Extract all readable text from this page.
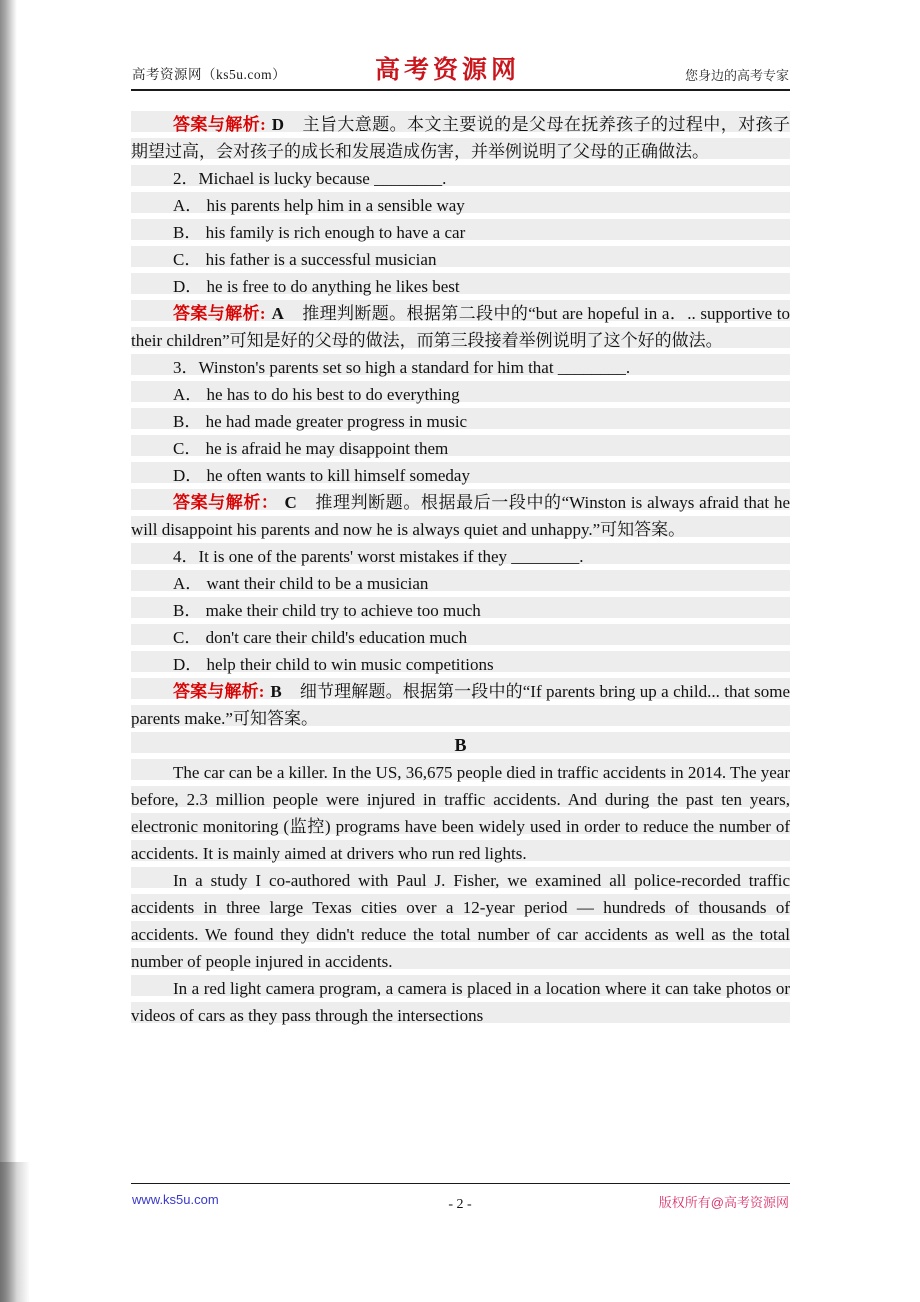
高考资源网（ks5u.com）	高考资源网	您身边的高考专家

答案与解析: D 主旨大意题。本文主要说的是父母在抚养孩子的过程中，对孩子期望过高，会对孩子的成长和发展造成伤害，并举例说明了父母的正确做法。

2．Michael is lucky because ________.

A． his parents help him in a sensible way

B． his family is rich enough to have a car

C． his father is a successful musician

D． he is free to do anything he likes best

答案与解析: A 推理判断题。根据第二段中的“but are hopeful in a．.. supportive to their children”可知是好的父母的做法，而第三段接着举例说明了这个好的做法。

3．Winston's parents set so high a standard for him that ________.

A． he has to do his best to do everything

B． he had made greater progress in music

C． he is afraid he may disappoint them

D． he often wants to kill himself someday

答案与解析： C 推理判断题。根据最后一段中的“Winston is always afraid that he will disappoint his parents and now he is always quiet and unhappy.”可知答案。

4．It is one of the parents' worst mistakes if they ________.

A． want their child to be a musician

B． make their child try to achieve too much

C． don't care their child's education much

D． help their child to win music competitions

答案与解析: B 细节理解题。根据第一段中的“If parents bring up a child... that some parents make.”可知答案。

B

The car can be a killer. In the US, 36,675 people died in traffic accidents in 2014. The year before, 2.3 million people were injured in traffic accidents. And during the past ten years, electronic monitoring (监控) programs have been widely used in order to reduce the number of accidents. It is mainly aimed at drivers who run red lights.

In a study I co-authored with Paul J. Fisher, we examined all police-recorded traffic accidents in three large Texas cities over a 12-year period — hundreds of thousands of accidents. We found they didn't reduce the total number of car accidents as well as the total number of people injured in accidents.

In a red light camera program, a camera is placed in a location where it can take photos or videos of cars as they pass through the intersections

www.ks5u.com	- 2 -	版权所有@高考资源网
